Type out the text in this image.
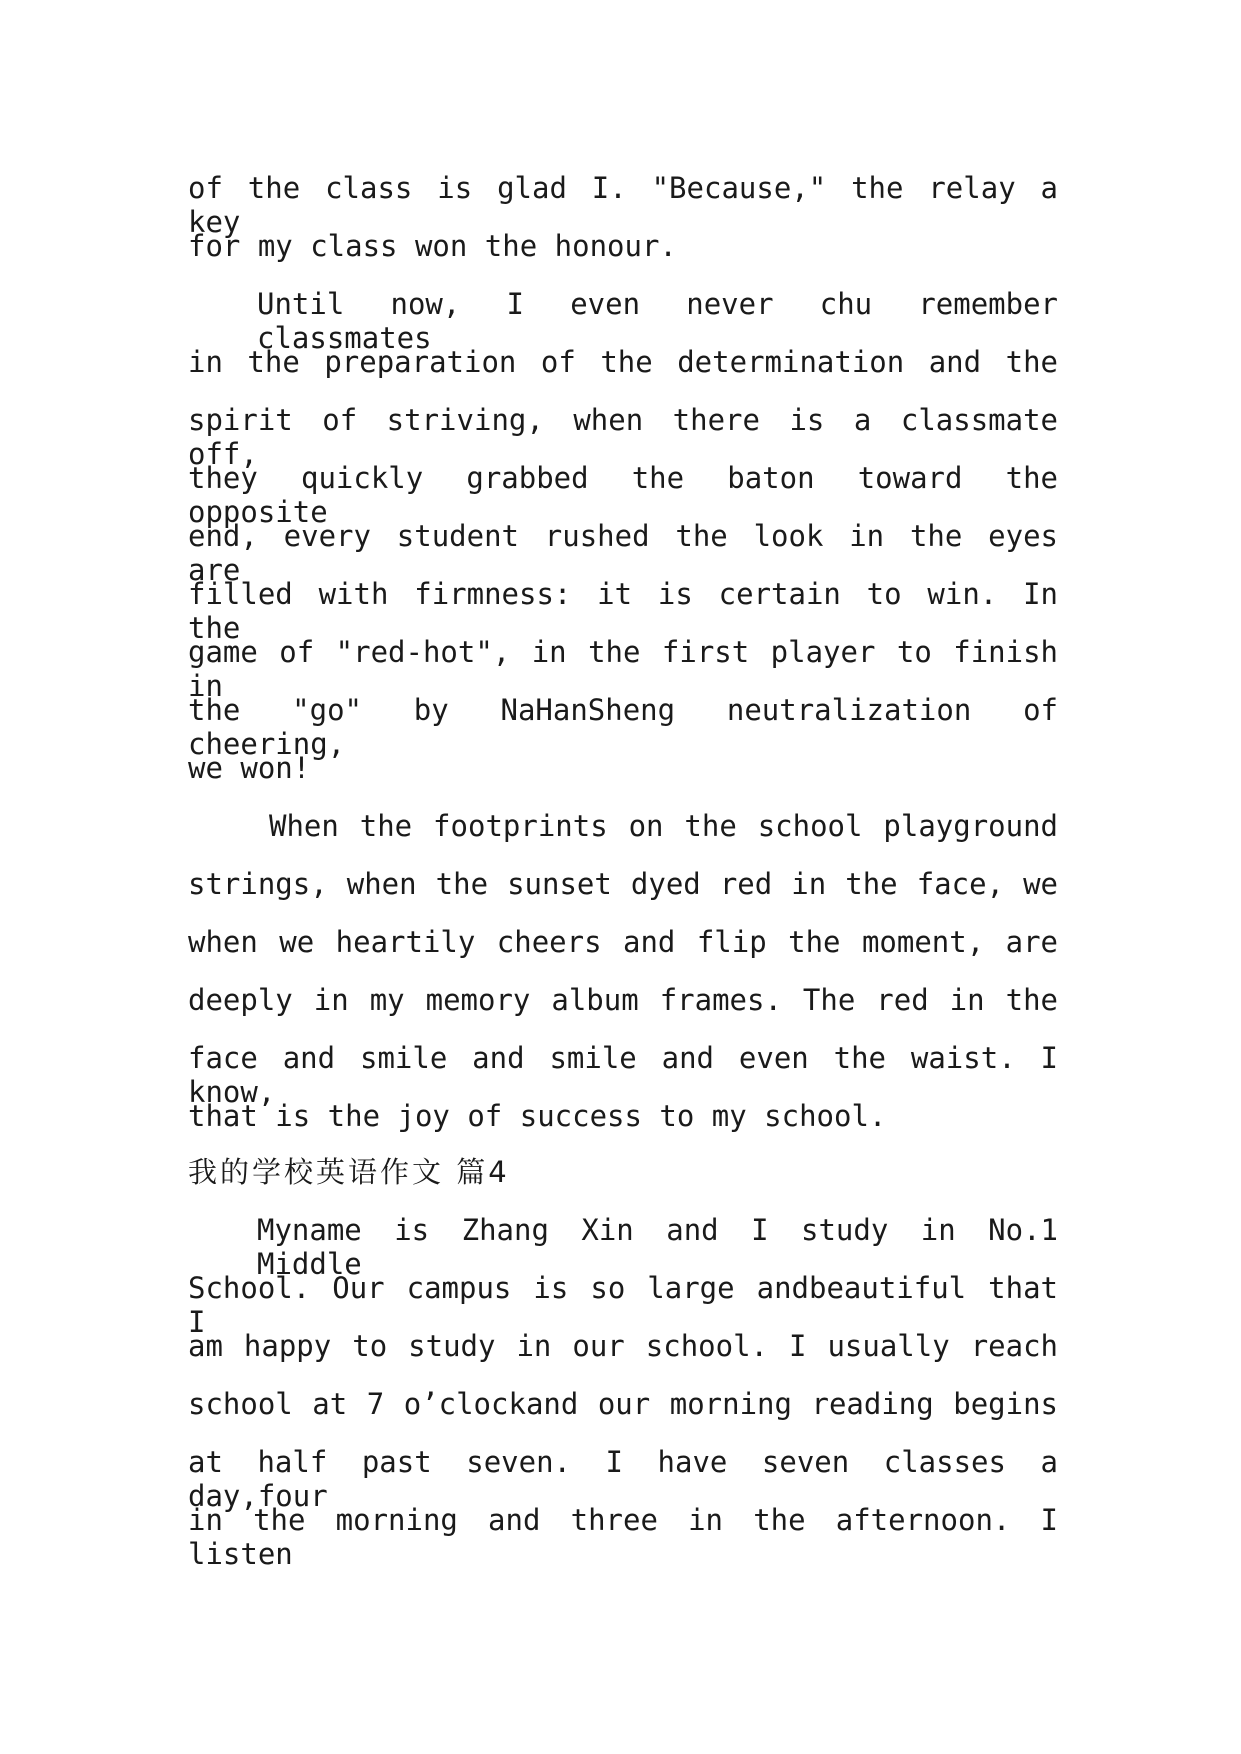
of the class is glad I. "Because," the relay a key
for my class won the honour.
Until now, I even never chu remember classmates
in the preparation of the determination and the
spirit of striving, when there is a classmate off,
they quickly grabbed the baton toward the opposite
end, every student rushed the look in the eyes are
filled with firmness: it is certain to win. In the
game of "red-hot", in the first player to finish in
the "go" by NaHanSheng neutralization of cheering,
we won!
When the footprints on the school playground
strings, when the sunset dyed red in the face, we
when we heartily cheers and flip the moment, are
deeply in my memory album frames. The red in the
face and smile and smile and even the waist. I know,
that is the joy of success to my school.
我的学校英语作文 篇4
Myname is Zhang Xin and I study in No.1 Middle
School. Our campus is so large andbeautiful that I
am happy to study in our school. I usually reach
school at 7 o’clockand our morning reading begins
at half past seven. I have seven classes a day,four
in the morning and three in the afternoon. I listen
